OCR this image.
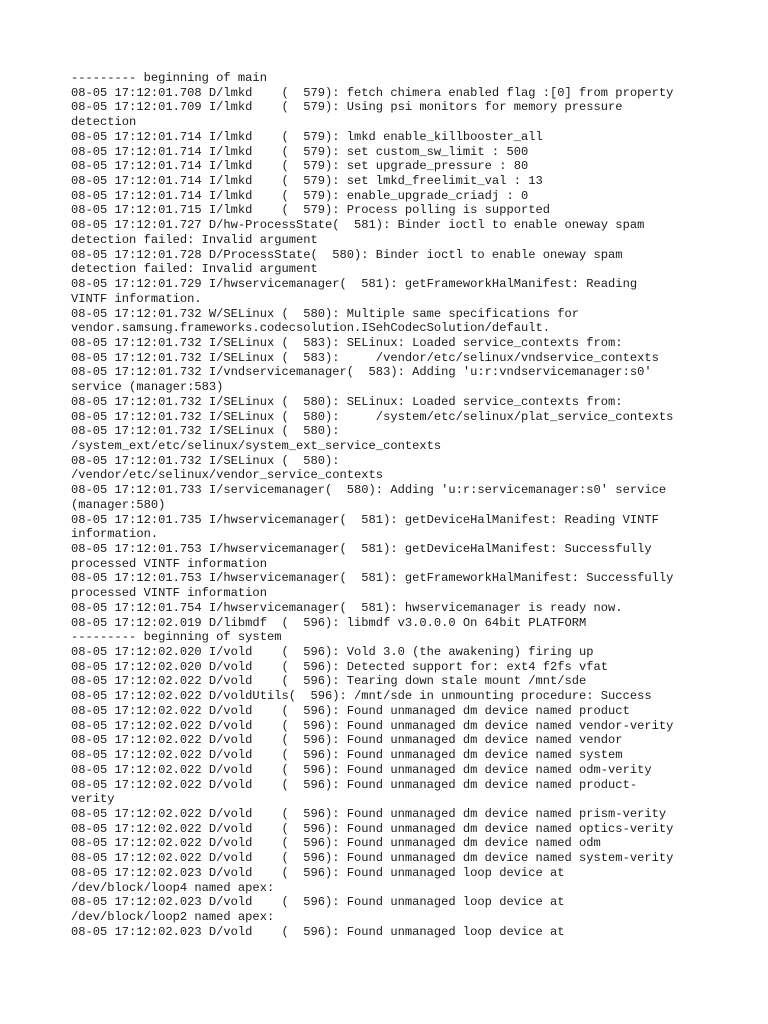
--------- beginning of main
08-05 17:12:01.708 D/lmkd    (  579): fetch chimera enabled flag :[0] from property
08-05 17:12:01.709 I/lmkd    (  579): Using psi monitors for memory pressure
detection
08-05 17:12:01.714 I/lmkd    (  579): lmkd enable_killbooster_all
08-05 17:12:01.714 I/lmkd    (  579): set custom_sw_limit : 500
08-05 17:12:01.714 I/lmkd    (  579): set upgrade_pressure : 80
08-05 17:12:01.714 I/lmkd    (  579): set lmkd_freelimit_val : 13
08-05 17:12:01.714 I/lmkd    (  579): enable_upgrade_criadj : 0
08-05 17:12:01.715 I/lmkd    (  579): Process polling is supported
08-05 17:12:01.727 D/hw-ProcessState(  581): Binder ioctl to enable oneway spam
detection failed: Invalid argument
08-05 17:12:01.728 D/ProcessState(  580): Binder ioctl to enable oneway spam
detection failed: Invalid argument
08-05 17:12:01.729 I/hwservicemanager(  581): getFrameworkHalManifest: Reading
VINTF information.
08-05 17:12:01.732 W/SELinux (  580): Multiple same specifications for
vendor.samsung.frameworks.codecsolution.ISehCodecSolution/default.
08-05 17:12:01.732 I/SELinux (  583): SELinux: Loaded service_contexts from:
08-05 17:12:01.732 I/SELinux (  583):     /vendor/etc/selinux/vndservice_contexts
08-05 17:12:01.732 I/vndservicemanager(  583): Adding 'u:r:vndservicemanager:s0'
service (manager:583)
08-05 17:12:01.732 I/SELinux (  580): SELinux: Loaded service_contexts from:
08-05 17:12:01.732 I/SELinux (  580):     /system/etc/selinux/plat_service_contexts
08-05 17:12:01.732 I/SELinux (  580):
/system_ext/etc/selinux/system_ext_service_contexts
08-05 17:12:01.732 I/SELinux (  580):
/vendor/etc/selinux/vendor_service_contexts
08-05 17:12:01.733 I/servicemanager(  580): Adding 'u:r:servicemanager:s0' service
(manager:580)
08-05 17:12:01.735 I/hwservicemanager(  581): getDeviceHalManifest: Reading VINTF
information.
08-05 17:12:01.753 I/hwservicemanager(  581): getDeviceHalManifest: Successfully
processed VINTF information
08-05 17:12:01.753 I/hwservicemanager(  581): getFrameworkHalManifest: Successfully
processed VINTF information
08-05 17:12:01.754 I/hwservicemanager(  581): hwservicemanager is ready now.
08-05 17:12:02.019 D/libmdf  (  596): libmdf v3.0.0.0 On 64bit PLATFORM
--------- beginning of system
08-05 17:12:02.020 I/vold    (  596): Vold 3.0 (the awakening) firing up
08-05 17:12:02.020 D/vold    (  596): Detected support for: ext4 f2fs vfat
08-05 17:12:02.022 D/vold    (  596): Tearing down stale mount /mnt/sde
08-05 17:12:02.022 D/voldUtils(  596): /mnt/sde in unmounting procedure: Success
08-05 17:12:02.022 D/vold    (  596): Found unmanaged dm device named product
08-05 17:12:02.022 D/vold    (  596): Found unmanaged dm device named vendor-verity
08-05 17:12:02.022 D/vold    (  596): Found unmanaged dm device named vendor
08-05 17:12:02.022 D/vold    (  596): Found unmanaged dm device named system
08-05 17:12:02.022 D/vold    (  596): Found unmanaged dm device named odm-verity
08-05 17:12:02.022 D/vold    (  596): Found unmanaged dm device named product-
verity
08-05 17:12:02.022 D/vold    (  596): Found unmanaged dm device named prism-verity
08-05 17:12:02.022 D/vold    (  596): Found unmanaged dm device named optics-verity
08-05 17:12:02.022 D/vold    (  596): Found unmanaged dm device named odm
08-05 17:12:02.022 D/vold    (  596): Found unmanaged dm device named system-verity
08-05 17:12:02.023 D/vold    (  596): Found unmanaged loop device at
/dev/block/loop4 named apex:
08-05 17:12:02.023 D/vold    (  596): Found unmanaged loop device at
/dev/block/loop2 named apex:
08-05 17:12:02.023 D/vold    (  596): Found unmanaged loop device at
